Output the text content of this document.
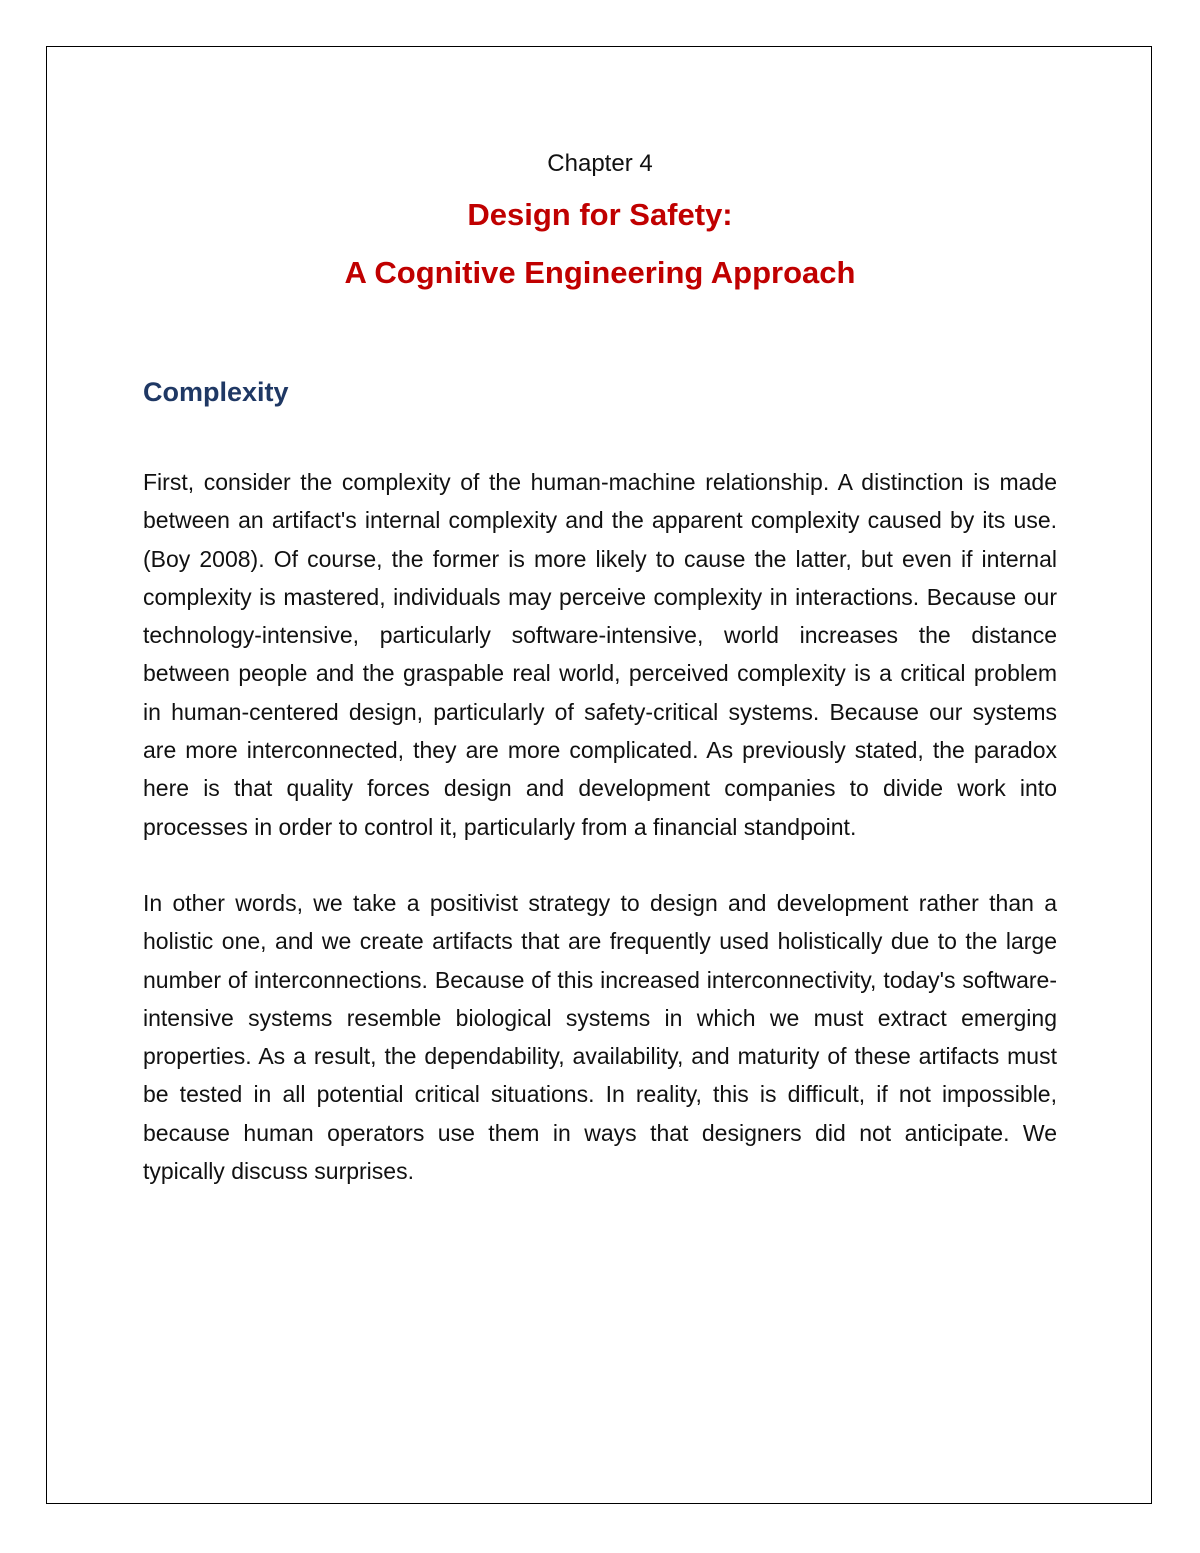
Chapter 4

Design for Safety:
A Cognitive Engineering Approach
Complexity

First, consider the complexity of the human-machine relationship. A distinction is made between an artifact's internal complexity and the apparent complexity caused by its use. (Boy 2008). Of course, the former is more likely to cause the latter, but even if internal complexity is mastered, individuals may perceive complexity in interactions. Because our technology-intensive, particularly software-intensive, world increases the distance between people and the graspable real world, perceived complexity is a critical problem in human-centered design, particularly of safety-critical systems. Because our systems are more interconnected, they are more complicated. As previously stated, the paradox here is that quality forces design and development companies to divide work into processes in order to control it, particularly from a financial standpoint.

In other words, we take a positivist strategy to design and development rather than a holistic one, and we create artifacts that are frequently used holistically due to the large number of interconnections. Because of this increased interconnectivity, today's software-intensive systems resemble biological systems in which we must extract emerging properties. As a result, the dependability, availability, and maturity of these artifacts must be tested in all potential critical situations. In reality, this is difficult, if not impossible, because human operators use them in ways that designers did not anticipate. We typically discuss surprises.
